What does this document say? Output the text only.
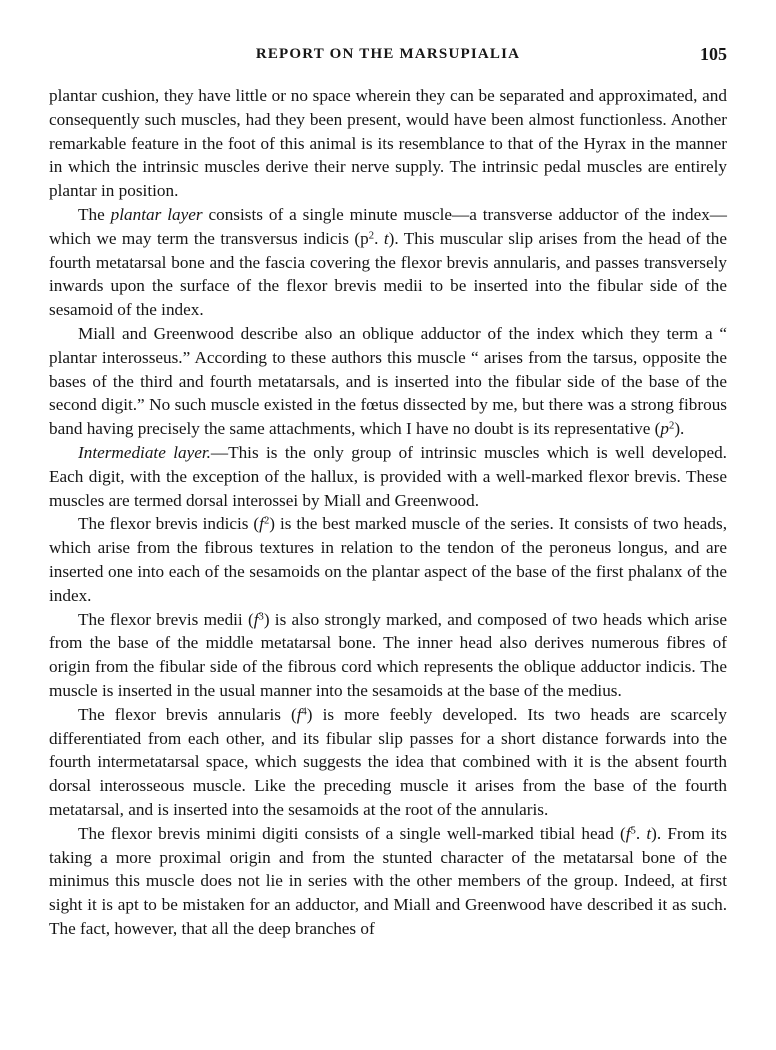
REPORT ON THE MARSUPIALIA	105

plantar cushion, they have little or no space wherein they can be separated and approximated, and consequently such muscles, had they been present, would have been almost functionless. Another remarkable feature in the foot of this animal is its resemblance to that of the Hyrax in the manner in which the intrinsic muscles derive their nerve supply. The intrinsic pedal muscles are entirely plantar in position.

The plantar layer consists of a single minute muscle—a transverse adductor of the index—which we may term the transversus indicis ($p^2$. t). This muscular slip arises from the head of the fourth metatarsal bone and the fascia covering the flexor brevis annularis, and passes transversely inwards upon the surface of the flexor brevis medii to be inserted into the fibular side of the sesamoid of the index.

Miall and Greenwood describe also an oblique adductor of the index which they term a “ plantar interosseus.” According to these authors this muscle “ arises from the tarsus, opposite the bases of the third and fourth metatarsals, and is inserted into the fibular side of the base of the second digit.” No such muscle existed in the fœtus dissected by me, but there was a strong fibrous band having precisely the same attachments, which I have no doubt is its representative $(p^2)$.

Intermediate layer.—This is the only group of intrinsic muscles which is well developed. Each digit, with the exception of the hallux, is provided with a well-marked flexor brevis. These muscles are termed dorsal interossei by Miall and Greenwood.

The flexor brevis indicis $(f^2)$ is the best marked muscle of the series. It consists of two heads, which arise from the fibrous textures in relation to the tendon of the peroneus longus, and are inserted one into each of the sesamoids on the plantar aspect of the base of the first phalanx of the index.

The flexor brevis medii $(f^3)$ is also strongly marked, and composed of two heads which arise from the base of the middle metatarsal bone. The inner head also derives numerous fibres of origin from the fibular side of the fibrous cord which represents the oblique adductor indicis. The muscle is inserted in the usual manner into the sesamoids at the base of the medius.

The flexor brevis annularis $(f^4)$ is more feebly developed. Its two heads are scarcely differentiated from each other, and its fibular slip passes for a short distance forwards into the fourth intermetatarsal space, which suggests the idea that combined with it is the absent fourth dorsal interosseous muscle. Like the preceding muscle it arises from the base of the fourth metatarsal, and is inserted into the sesamoids at the root of the annularis.

The flexor brevis minimi digiti consists of a single well-marked tibial head ($f^5$. t). From its taking a more proximal origin and from the stunted character of the metatarsal bone of the minimus this muscle does not lie in series with the other members of the group. Indeed, at first sight it is apt to be mistaken for an adductor, and Miall and Greenwood have described it as such. The fact, however, that all the deep branches of
